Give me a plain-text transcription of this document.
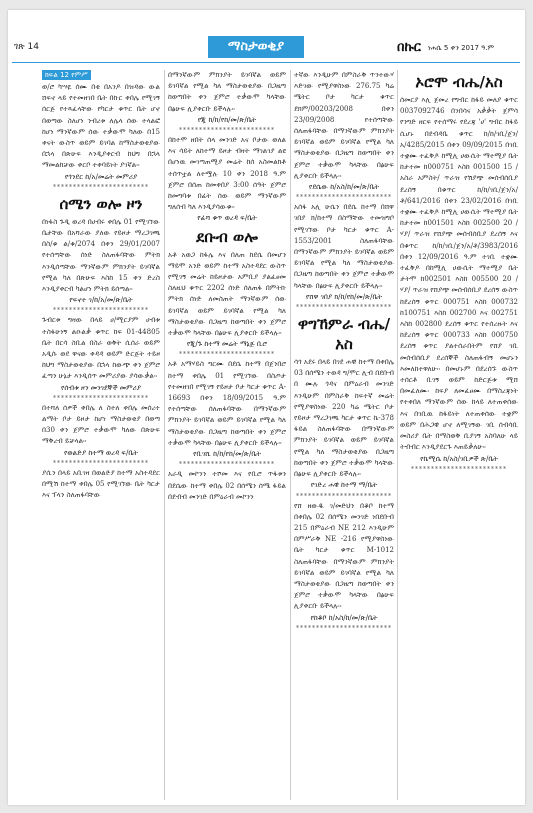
ገጽ 14	ማስታወቂያ	በኩር ነሐሴ 5 ቀን 2017 ዓ.ም
ክፍል 12 የምሥ

ወ/ሮ ካሣዬ ሰሙ በቂ በአንዶ በዝዳው ውል ሸፍኖ ላይ የተመዘገበ ቤት በኩር ቀበሌ የሚገኝ ሰርጅ የተጻፈላቸው የካርታ ቁጥር ቤት ሆኖ በወጣው ስለሆነ ንብረቱ ለሌላ ሰው ተላልፎ ከሆነ ማንኛውም ሰው ተቃውሞ ካለው በ15 ቀናት ውስጥ ወይም ይገባል ከማስታወቂያው በኋላ በጽሁፍ እንዲያቀርብ ከህግ በኋላ ማመልከቻው ቀርቦ ተቀባይነት ያገኛል፡፡

የጎንደር ከ/አ/መሬት መምሪያ
************************
ሰሜን ወሎ ዞን

በነፋስ ጉዲ ወረዳ በሀብሩ ቀበሌ 01 የሚገኘው ቤታቸው በአሻራው ያለው የይዞታ ማረጋገጫ በስ/ቁ ል/ቁ/2074 በቀን 29/01/2007 የተሰጣቸው ሰነድ ስለጠፋባቸው ምትክ እንዲሰጣቸው ማንኛውም ምክንያት ይገባኛል የሚል ካለ በጽሁፍ እስከ 15 ቀን ድረስ እንዲያቀርብ ካልሆነ ምትክ ይሰጣል፡፡

የፍኖተ ገ/ከ/አ/መ/ጽ/ቤት
************************

ጉብርቱ ግዛው በላይ ሀ/ሚርያም ሀብቱ ተስፋሁነኝ ልዑልቃ ቁጥር ከፍ 01-44805 ቤት በርሳ ስቢል በስራ ወቅት ሲሰራ ወይም አዲሱ ወደ ዋናው ቀዳዳ ወይም ድርጅት ተይዞ ከህግ ማስታወቂያው በኋላ ከውጭ ቀን ጀምሮ ፈጣን ሁኔታ እንዲሰጥ መምሪያው ያሳውቃል፡፡

የሰብቱ ዞን መንገደኞች መምሪያ
************************

በተሻለ ሰዎች ቀበሌ ለ ስተለ ቀበሌ መሰረተ ልማት ቦታ ይዞታ ከሆነ ማስታወቂያ በወጣ በ30 ቀን ጀምሮ ተቃውሞ ካለው በጽሁፍ ማቅረብ ይቻላል፡፡

የወልድያ ከተማ ወረዳ ፍ/ቤት
************************

ያሲን በላይ አቢገዛ በወልድያ ከተማ አስተዳደር በሚሽ ከተማ ቀበሌ 05 የሚገኘው ቤት ካርታ እና ፕላን ስለጠፋባቸው

በማንኛውም ምክንያት ይገባኛል ወይም ይገባኛል የሚል ካለ ማስታወቂያው በጋዜጣ ከወጣበት ቀን ጀምሮ ተቃውሞ ካላቸው በፅሁፍ ሊያቀርቡ ይችላሉ፡፡

የጂ ከ/ከ/የከ/መ/ጽ/ቤት
************************

በከተሞ ዘበት ሰላ መንገድ አና ቦታው ወለል እና ሳይት ለከተማ ይዞታ ብዛት ማገልገያ ልዩ በሆነዉ መገጣጠሚያ መሬት ከሰ አስመልክቶ ተሰጥቷል ለተሟሉ 10 ቀን 2018 ዓ.ም ጀምሮ በሰጠ ከመቀበያ 3:00 ሰዓት ጀምሮ ከመግባቱ በፊት ሰው ወይም ማንኛውም ግለሰብ ካለ እንዲያሳውቁ፡፡

የፊሻ ቁጥ ወረዳ ፍ/ቤት
ደቡብ ወሎ

አቶ አወጋ ከፋሌ እና በለጠ ከደሴ በመሆን ማይሞ አንድ ወይም ከተማ አስተዳደር ውስጥ የሚገኝ መሬት ከይዞታው አምቢያ ያልፈፀመ ስለዚህ ቁጥር 2202 ሰነድ ሰለጠፋ በምትኩ ምትክ ሰነድ ለመስጠት ማንኛውም ሰው ይገባኛል ወይም ይገባኛል የሚል ካለ ማስታወቂያው በጋዜጣ ከወጣበት ቀን ጀምሮ ተቃውሞ ካላቸው በፅሁፍ ሊያቀርቡ ይችላሉ፡፡

የጂ/ጉ ከተማ መሬት ማኔጅ ቢሮ
************************

አቶ አማሃይስ ግርሙ በደሴ ከተማ በጀንበሮ ከተማ ቀበሌ 01 የሚገኘው በስጦታ የተመዘገበ የሚገኝ የይዞታ ቦታ ካርታ ቁጥር A-16693 በቀን 18/09/2015 ዓ.ም የተሰጣቸው ሰለጠፋባቸው በማንኛውም ምክንያት ይገባኛል ወይም ይገባኛል የሚል ካለ ማስታወቂያው በጋዜጣ ከወጣበት ቀን ጀምሮ ተቃውሞ ካላቸው በፅሁፍ ሊያቀርቡ ይችላሉ፡፡

የቢገሺ ከ/ከ/የከ/መ/ጽ/ቤት
************************

አራዲ መኮንን ተሾመ እና የቢሮ ጥፋቱን በደሴው ከተማ ቀበሌ 02 በሰሜን ሰሜ ፋይል በደብብ መንገድ በምዕራብ መኮንን

ተኛው እንዲሁም በምስራቅ ጥንተውሃ እድገው የሚያዋስነው 276.75 ካሬ ሜትር ቦታ ካርታ ቁጥር ደክም/00203/2008 በቀን 23/09/2008 የተሰጣቸው ሰለጠፋባቸው በማንኛውም ምክንያት ይገባኛል ወይም ይገባኛል የሚል ካለ ማስታወቂያው በጋዜጣ ከወጣበት ቀን ጀምሮ ተቃውሞ ካላቸው በፅሁፍ ሊያቀርቡ ይችላሉ፡፡

የደሴው ከ/አስ/ከ/መ/ጽ/ቤት
************************

አሰፋ አሊ ሁሴን በደሴ ከተማ በሸዋ ገበያ ክ/ከተማ በስማቸው ተመዝግቦ የሚገኘው ቦታ ካርታ ቁጥር A-1553/2001 ስለጠፋባቸው በማንኛውም ምክንያት ይገባኛል ወይም ይገባኛል የሚል ካለ ማስታወቂያው በጋዜጣ ከወጣበት ቀን ጀምሮ ተቃውሞ ካላቸው በፅሁፍ ሊያቀርቡ ይችላሉ፡፡

የሸዋ ገበያ ክ/ከ/የከ/መ/ጽ/ቤት
************************
ዋግኸምራ ብሔ/አስ

ሳጎ አደሩ በላይ በገደ ሐዊ ከተማ በቀበሌ 03 በሰሜን ተወዳ ግ/ሞር ሊብ በደቡብ በ ሙሉ ጎዳና በምዕራብ መንገድ እንዲሁም በምስራቅ ከፍተኛ መሬት የሚያዋስነው 220 ካሬ ሜትር ቦታ የይዞታ ማረጋገጫ ካርታ ቁጥር ኬ-378 ፋይል ስለጠፋባቸው በማንኛውም ምክንያት ይገባኛል ወይም ይገባኛል የሚል ካለ ማስታወቂያው በጋዜጣ ከወጣበት ቀን ጀምሮ ተቃውሞ ካላቸው በፅሁፍ ሊያቀርቡ ይችላሉ፡፡

የገድረ ሐዊ ከተማ ማ/ቤት
************************

የሸ ዘውዱ ገ/መድህን በቆቦ ከተማ በቀበሌ 02 በሰሜን መንገድ ነበደቡብ 215 በምዕራብ NE 212 እንዲሁም በምሥራቅ NE -216 የሚያዋስነው ቤት ካርታ ቁጥር M-1012 ስለጠፋባቸው በማንኛውም ምክንያት ይገባኛል ወይም ይገባኛል የሚል ካለ ማስታወቂያው በጋዜጣ ከወጣበት ቀን ጀምሮ ተቃውሞ ካላቸው በፅሁፍ ሊያቀርቡ ይችላሉ፡፡

የከቆቦ ከ/አስ/ከ/መ/ጽ/ቤት
************************
ኦሮሞ ብሔ/አስ

ሰመርያ እሊ ጀመረ የግብር ከፋይ መለያ ቁጥር 0037092746 በንበሳና አቃቃት ጀምሳ የንግድ ዘርፍ የተሰማሩ የደረጃ 'ሀ' ግብር ከፋይ ሲሆኑ በደብዳቤ ቁጥር ከ/ከ/ገቢ/ጀን/አ/4285/2015 በቀን 09/09/2015 በገቢ ተቋሙ ተፈቅዶ ከሚሊ ሀውሲት ማተሚያ ቤት ከታተመ ከ000751 እስከ 001500 15 /አስራ አምስት/ ጥራዝ የሽያጭ መሰብሰቢያ ደረሰኝ በቁጥር ከ/ከ/ገቢ/ጀን/አ/ቶ/641/2016 በቀን 23/02/2016 በገቢ ተቋሙ ተፈቅዶ ከሚሊ ሀውሲት ማተሚያ ቤት ከታተመ ከ001501 እስከ 002500 20 /ሃያ/ ጥራዝ የሸያጭ መሰብሰቢያ ደረሰኝ እና በቁጥር ከ/ከ/ገቢ/ጀን/አ/ቶ/3983/2016 በቀን 12/09/2016 ዓ.ም ተገቢ ተቋሙ ተፈቅዶ በከሚሊ ሀውሲት ማተሚያ ቤት ታትሞ ከ002501 እስከ 005500 20 /ሃያ/ ጥራዝ የሸያጭ መሰብሰቢያ ደረሰኝ ውስጥ ከደረሰኝ ቁጥር 000751 እስከ 000732 ከ100751 እስከ 002700 እና 002751 እስከ 002800 ደረሰኝ ቁጥር የተሰረዙት እና ከደረሰኝ ቁጥር 000733 እስከ 000750 ደረሰኝ ቁጥር ያልተሰራበትም የሸያ ገቢ መሰብሰቢያ ደረሰኞች ስለጠፋብኝ መሆኑን እመለከተዋለሁ፡፡ በመሆኑም በደረሰኙ ውስጥ ተሰርቶ ቢገኝ ወይም ከድርጅቱ ሚሸ በመፈለሙ፡ ከፍያ ለመፈፀሙ በማስረጃነት የተቀበለ ማንኛውም ሰው ከላይ ለተጠቀሰው እና በገቢዉ ከፋይነት ለተጠቀሰው ተቋም ወይም በሕጋዊ ሆኖ ለሚገኝው ገቢ ሰብሳቢ መስሪያ ቤት በማስወቅ ቢያገኝ አስባለሁ ላይ ትብብር እንዲያደርጉ እጠይቃለሁ፡፡

የኬሚሴ ከ/አስ/ገቢዎች ጽ/ቤት
************************
